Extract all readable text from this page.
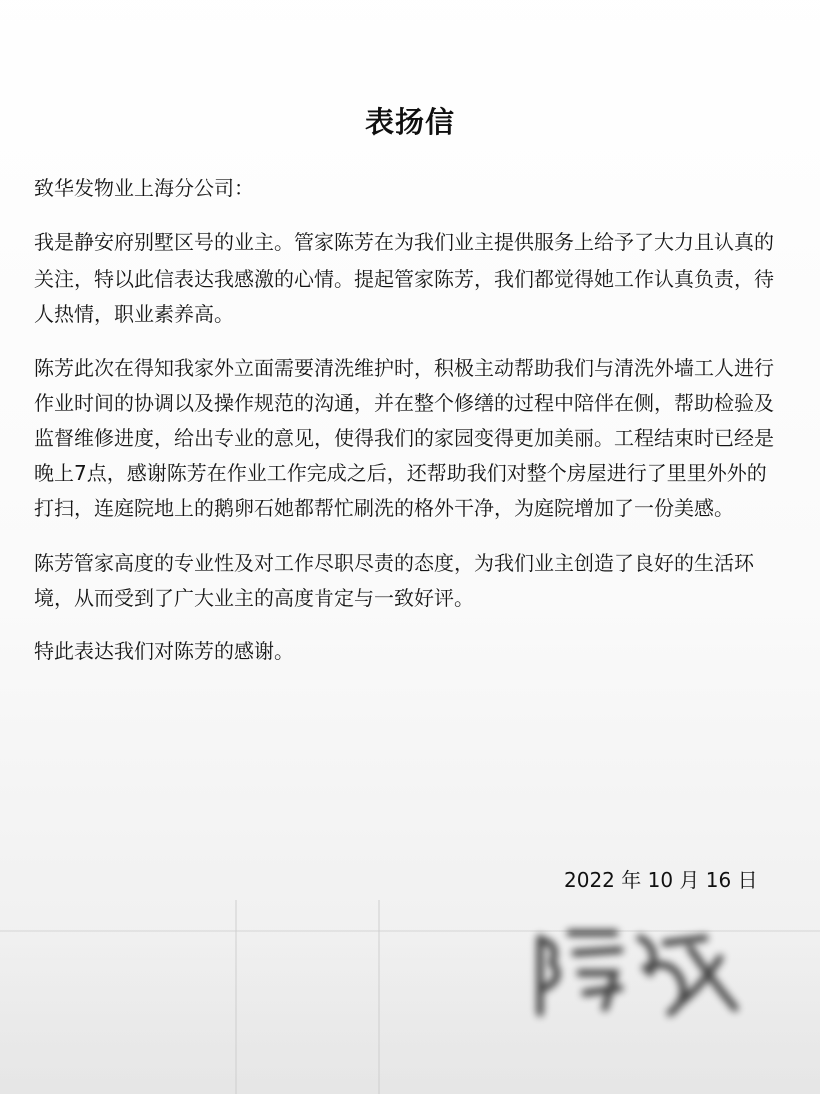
表扬信
致华发物业上海分公司：

我是静安府别墅区号的业主。管家陈芳在为我们业主提供服务上给予了大力且认真的关注，特以此信表达我感激的心情。提起管家陈芳，我们都觉得她工作认真负责，待人热情，职业素养高。

陈芳此次在得知我家外立面需要清洗维护时，积极主动帮助我们与清洗外墙工人进行作业时间的协调以及操作规范的沟通，并在整个修缮的过程中陪伴在侧，帮助检验及监督维修进度，给出专业的意见，使得我们的家园变得更加美丽。工程结束时已经是晚上7点，感谢陈芳在作业工作完成之后，还帮助我们对整个房屋进行了里里外外的打扫，连庭院地上的鹅卵石她都帮忙刷洗的格外干净，为庭院增加了一份美感。

陈芳管家高度的专业性及对工作尽职尽责的态度，为我们业主创造了良好的生活环境，从而受到了广大业主的高度肯定与一致好评。

特此表达我们对陈芳的感谢。

2022 年 10 月 16 日
